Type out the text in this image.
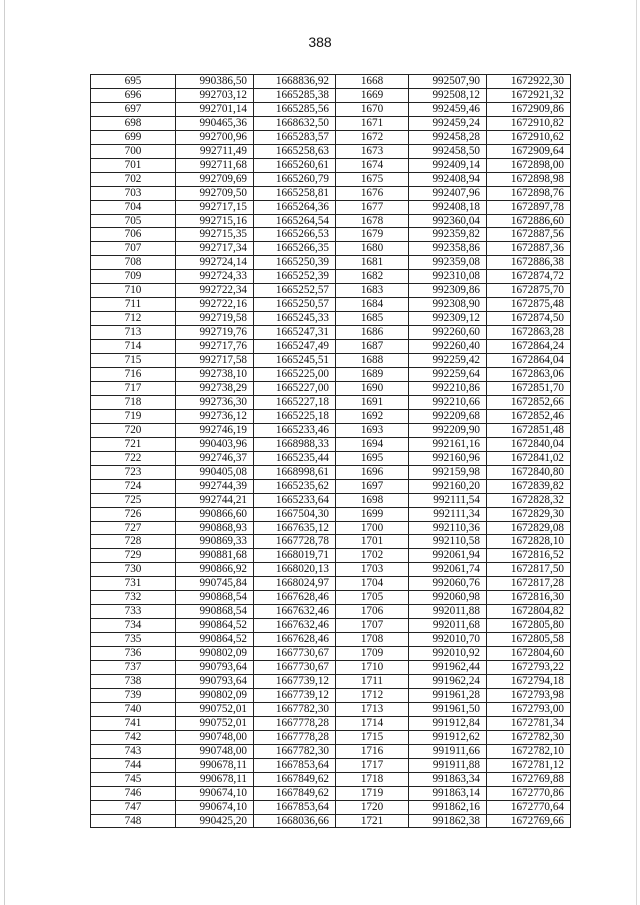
388
695	990386,50	1668836,92	1668	992507,90	1672922,30
696	992703,12	1665285,38	1669	992508,12	1672921,32
697	992701,14	1665285,56	1670	992459,46	1672909,86
698	990465,36	1668632,50	1671	992459,24	1672910,82
699	992700,96	1665283,57	1672	992458,28	1672910,62
700	992711,49	1665258,63	1673	992458,50	1672909,64
701	992711,68	1665260,61	1674	992409,14	1672898,00
702	992709,69	1665260,79	1675	992408,94	1672898,98
703	992709,50	1665258,81	1676	992407,96	1672898,76
704	992717,15	1665264,36	1677	992408,18	1672897,78
705	992715,16	1665264,54	1678	992360,04	1672886,60
706	992715,35	1665266,53	1679	992359,82	1672887,56
707	992717,34	1665266,35	1680	992358,86	1672887,36
708	992724,14	1665250,39	1681	992359,08	1672886,38
709	992724,33	1665252,39	1682	992310,08	1672874,72
710	992722,34	1665252,57	1683	992309,86	1672875,70
711	992722,16	1665250,57	1684	992308,90	1672875,48
712	992719,58	1665245,33	1685	992309,12	1672874,50
713	992719,76	1665247,31	1686	992260,60	1672863,28
714	992717,76	1665247,49	1687	992260,40	1672864,24
715	992717,58	1665245,51	1688	992259,42	1672864,04
716	992738,10	1665225,00	1689	992259,64	1672863,06
717	992738,29	1665227,00	1690	992210,86	1672851,70
718	992736,30	1665227,18	1691	992210,66	1672852,66
719	992736,12	1665225,18	1692	992209,68	1672852,46
720	992746,19	1665233,46	1693	992209,90	1672851,48
721	990403,96	1668988,33	1694	992161,16	1672840,04
722	992746,37	1665235,44	1695	992160,96	1672841,02
723	990405,08	1668998,61	1696	992159,98	1672840,80
724	992744,39	1665235,62	1697	992160,20	1672839,82
725	992744,21	1665233,64	1698	992111,54	1672828,32
726	990866,60	1667504,30	1699	992111,34	1672829,30
727	990868,93	1667635,12	1700	992110,36	1672829,08
728	990869,33	1667728,78	1701	992110,58	1672828,10
729	990881,68	1668019,71	1702	992061,94	1672816,52
730	990866,92	1668020,13	1703	992061,74	1672817,50
731	990745,84	1668024,97	1704	992060,76	1672817,28
732	990868,54	1667628,46	1705	992060,98	1672816,30
733	990868,54	1667632,46	1706	992011,88	1672804,82
734	990864,52	1667632,46	1707	992011,68	1672805,80
735	990864,52	1667628,46	1708	992010,70	1672805,58
736	990802,09	1667730,67	1709	992010,92	1672804,60
737	990793,64	1667730,67	1710	991962,44	1672793,22
738	990793,64	1667739,12	1711	991962,24	1672794,18
739	990802,09	1667739,12	1712	991961,28	1672793,98
740	990752,01	1667782,30	1713	991961,50	1672793,00
741	990752,01	1667778,28	1714	991912,84	1672781,34
742	990748,00	1667778,28	1715	991912,62	1672782,30
743	990748,00	1667782,30	1716	991911,66	1672782,10
744	990678,11	1667853,64	1717	991911,88	1672781,12
745	990678,11	1667849,62	1718	991863,34	1672769,88
746	990674,10	1667849,62	1719	991863,14	1672770,86
747	990674,10	1667853,64	1720	991862,16	1672770,64
748	990425,20	1668036,66	1721	991862,38	1672769,66
